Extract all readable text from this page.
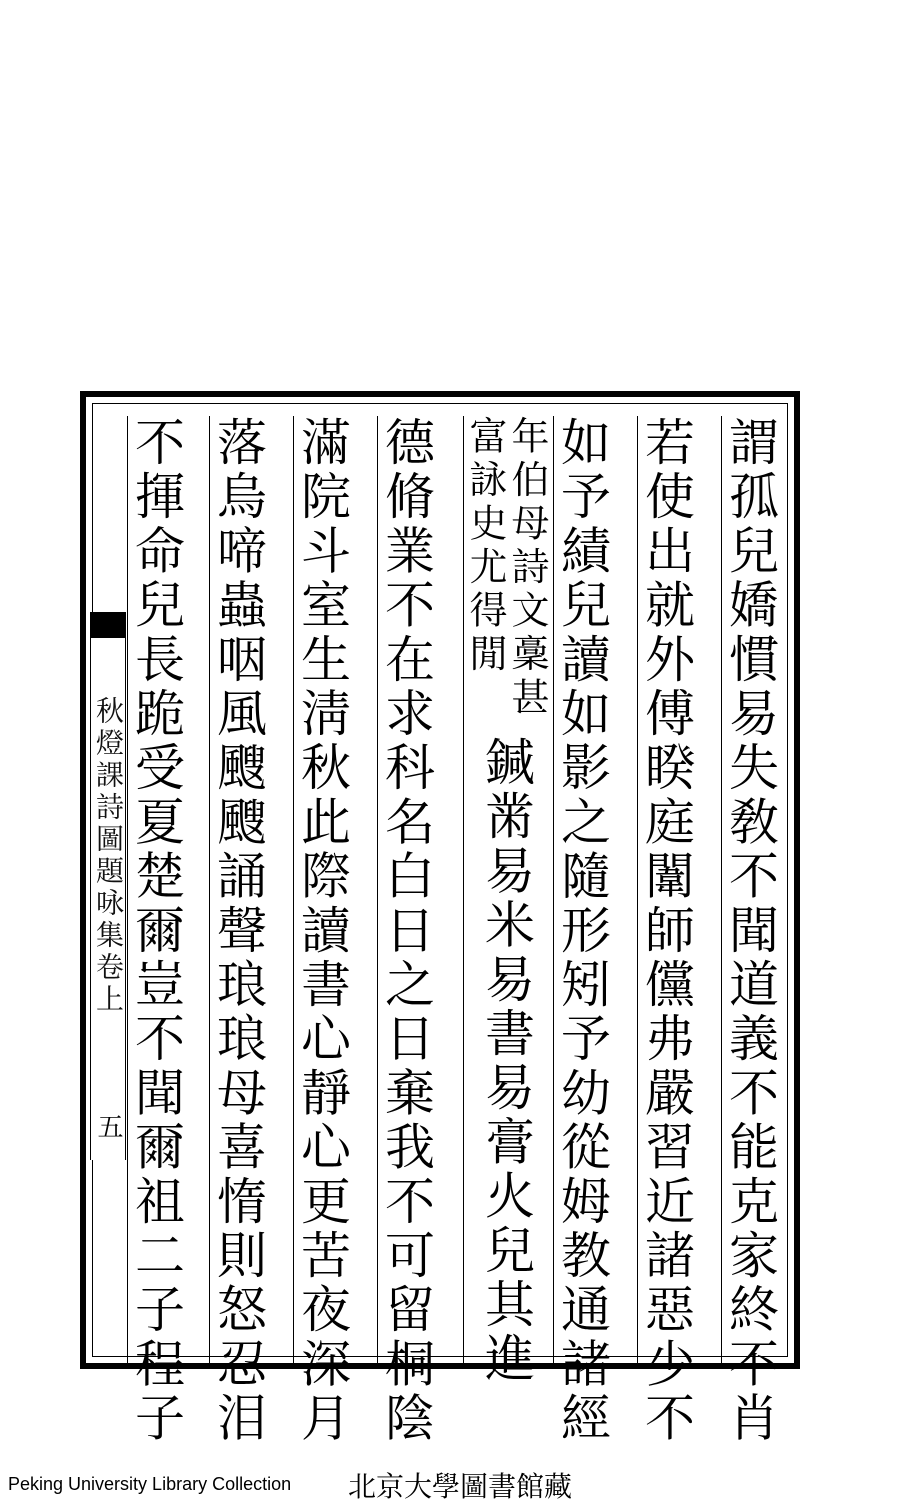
謂孤兒嬌慣易失敎不聞道義不能克家終不肖
若使出就外傅睽庭闈師儻弗嚴習近諸惡少不
如予績兒讀如影之隨形矧予幼從姆教通諸經
年伯母詩文稾甚
富詠史尤得閒
鍼黹易米易書易膏火兒其進
德脩業不在求科名白日之日棄我不可留桐陰
滿院斗室生淸秋此際讀書心靜心更苦夜深月
落烏啼蟲咽風颼颼誦聲琅琅母喜惰則怒忍泪
不揮命兒長跪受夏楚爾豈不聞爾祖二子程子
秋燈課詩圖題咏集卷上
五
Peking University Library Collection 北京大學圖書館藏
